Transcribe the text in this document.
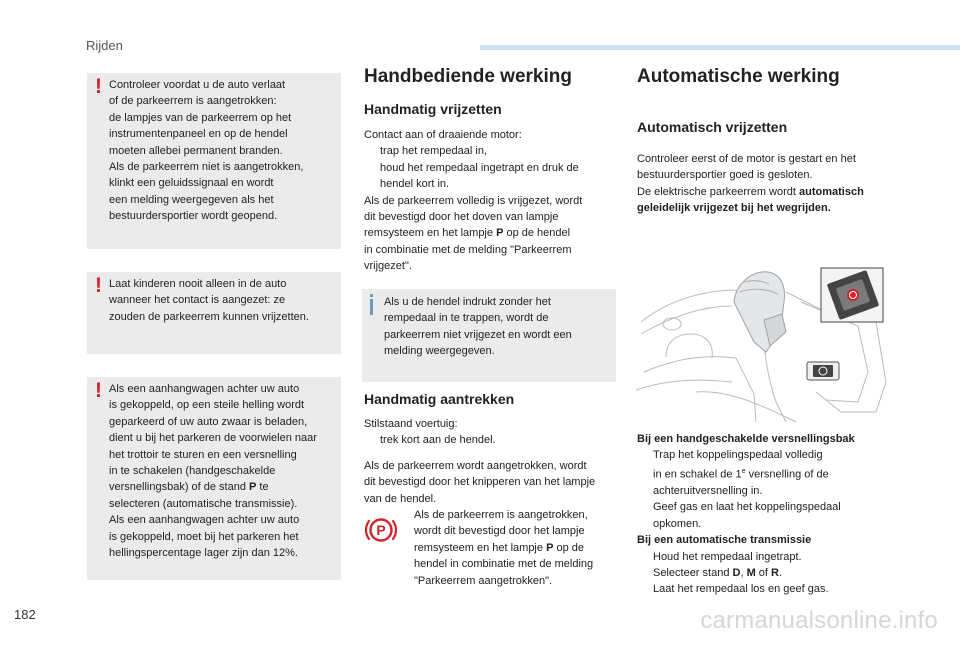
Rijden
! Controleer voordat u de auto verlaat
of de parkeerrem is aangetrokken:
de lampjes van de parkeerrem op het
instrumentenpaneel en op de hendel
moeten allebei permanent branden.
Als de parkeerrem niet is aangetrokken,
klinkt een geluidssignaal en wordt
een melding weergegeven als het
bestuurdersportier wordt geopend.

! Laat kinderen nooit alleen in de auto
wanneer het contact is aangezet: ze
zouden de parkeerrem kunnen vrijzetten.

! Als een aanhangwagen achter uw auto
is gekoppeld, op een steile helling wordt
geparkeerd of uw auto zwaar is beladen,
dient u bij het parkeren de voorwielen naar
het trottoir te sturen en een versnelling
in te schakelen (handgeschakelde
versnellingsbak) of de stand P te
selecteren (automatische transmissie).
Als een aanhangwagen achter uw auto
is gekoppeld, moet bij het parkeren het
hellingspercentage lager zijn dan 12%.

Handbediende werking
Handmatig vrijzetten
Contact aan of draaiende motor:
trap het rempedaal in,
houd het rempedaal ingetrapt en druk de
hendel kort in.
Als de parkeerrem volledig is vrijgezet, wordt
dit bevestigd door het doven van lampje
remsysteem en het lampje P op de hendel
in combinatie met de melding "Parkeerrem
vrijgezet".

Als u de hendel indrukt zonder het
rempedaal in te trappen, wordt de
parkeerrem niet vrijgezet en wordt een
melding weergegeven.

Handmatig aantrekken
Stilstaand voertuig:
trek kort aan de hendel.
Als de parkeerrem wordt aangetrokken, wordt
dit bevestigd door het knipperen van het lampje
van de hendel.
P
Als de parkeerrem is aangetrokken,
wordt dit bevestigd door het lampje
remsysteem en het lampje P op de
hendel in combinatie met de melding
"Parkeerrem aangetrokken".
Automatische werking
Automatisch vrijzetten
Controleer eerst of de motor is gestart en het
bestuurdersportier goed is gesloten.
De elektrische parkeerrem wordt automatisch
geleidelijk vrijgezet bij het wegrijden.
Bij een handgeschakelde versnellingsbak
Trap het koppelingspedaal volledig
in en schakel de 1e versnelling of de
achteruitversnelling in.
Geef gas en laat het koppelingspedaal
opkomen.
Bij een automatische transmissie
Houd het rempedaal ingetrapt.
Selecteer stand D, M of R.
Laat het rempedaal los en geef gas.
182	carmanualsonline.info
